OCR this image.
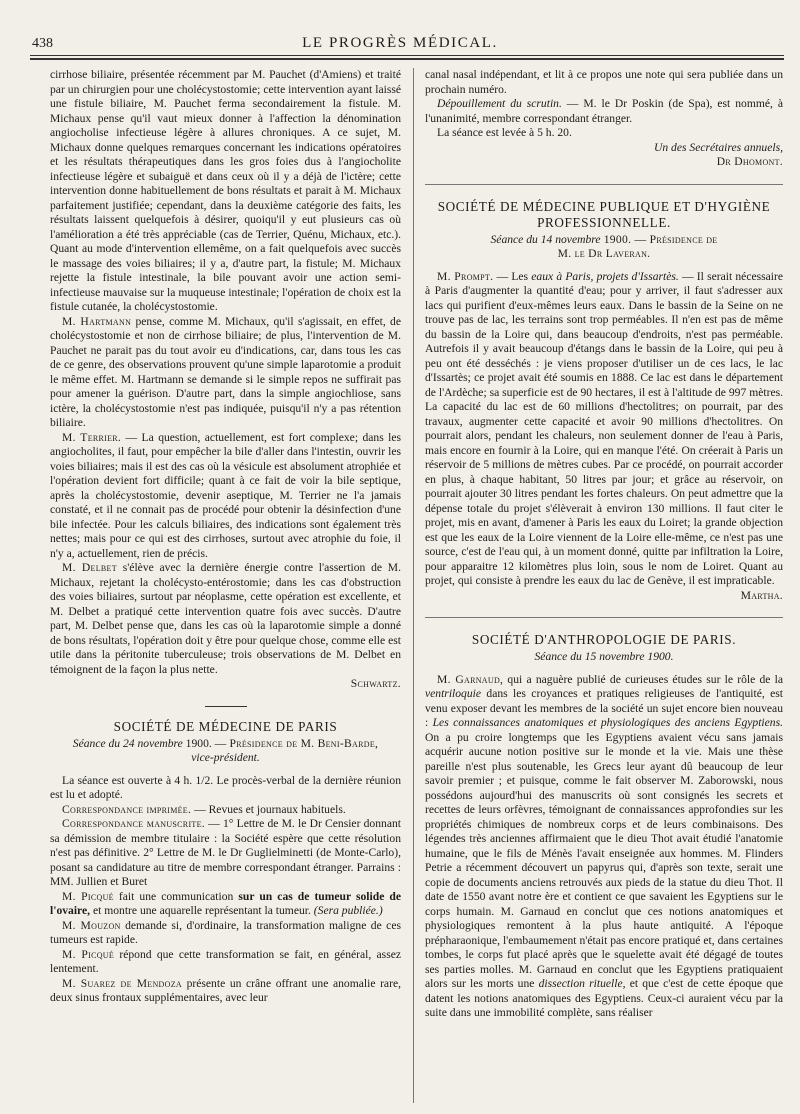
438	LE PROGRÈS MÉDICAL.

cirrhose biliaire, présentée récemment par M. Pauchet (d'Amiens) et traité par un chirurgien pour une cholécystostomie; cette intervention ayant laissé une fistule biliaire, M. Pauchet ferma secondairement la fistule. M. Michaux pense qu'il vaut mieux donner à l'affection la dénomination angiocholise infectieuse légère à allures chroniques. A ce sujet, M. Michaux donne quelques remarques concernant les indications opératoires et les résultats thérapeutiques dans les gros foies dus à l'angiocholite infectieuse légère et subaiguë et dans ceux où il y a déjà de l'ictère; cette intervention donne habituellement de bons résultats et parait à M. Michaux parfaitement justifiée; cependant, dans la deuxième catégorie des faits, les résultats laissent quelquefois à désirer, quoiqu'il y eut plusieurs cas où l'amélioration a été très appréciable (cas de Terrier, Quénu, Michaux, etc.). Quant au mode d'intervention ellemême, on a fait quelquefois avec succès le massage des voies biliaires; il y a, d'autre part, la fistule; M. Michaux rejette la fistule intestinale, la bile pouvant avoir une action semi-infectieuse mauvaise sur la muqueuse intestinale; l'opération de choix est la fistule cutanée, la cholécystostomie.

M. Hartmann pense, comme M. Michaux, qu'il s'agissait, en effet, de cholécystostomie et non de cirrhose biliaire; de plus, l'intervention de M. Pauchet ne parait pas du tout avoir eu d'indications, car, dans tous les cas de ce genre, des observations prouvent qu'une simple laparotomie a produit le même effet. M. Hartmann se demande si le simple repos ne suffirait pas pour amener la guérison. D'autre part, dans la simple angiochliose, sans ictère, la cholécystostomie n'est pas indiquée, puisqu'il n'y a pas rétention biliaire.

M. Terrier. — La question, actuellement, est fort complexe; dans les angiocholites, il faut, pour empêcher la bile d'aller dans l'intestin, ouvrir les voies biliaires; mais il est des cas où la vésicule est absolument atrophiée et l'opération devient fort difficile; quant à ce fait de voir la bile septique, après la cholécystostomie, devenir aseptique, M. Terrier ne l'a jamais constaté, et il ne connait pas de procédé pour obtenir la désinfection d'une bile infectée. Pour les calculs biliaires, des indications sont également très nettes; mais pour ce qui est des cirrhoses, surtout avec atrophie du foie, il n'y a, actuellement, rien de précis.

M. Delbet s'élève avec la dernière énergie contre l'assertion de M. Michaux, rejetant la cholécysto-entérostomie; dans les cas d'obstruction des voies biliaires, surtout par néoplasme, cette opération est excellente, et M. Delbet a pratiqué cette intervention quatre fois avec succès. D'autre part, M. Delbet pense que, dans les cas où la laparotomie simple a donné de bons résultats, l'opération doit y être pour quelque chose, comme elle est utile dans la péritonite tuberculeuse; trois observations de M. Delbet en témoignent de la façon la plus nette.

Schwartz.
SOCIÉTÉ DE MÉDECINE DE PARIS
Séance du 24 novembre 1900. — Présidence de M. Beni-Barde,
vice-président.

La séance est ouverte à 4 h. 1/2. Le procès-verbal de la dernière réunion est lu et adopté.

Correspondance imprimée. — Revues et journaux habituels.

Correspondance manuscrite. — 1° Lettre de M. le Dr Censier donnant sa démission de membre titulaire : la Société espère que cette résolution n'est pas définitive. 2° Lettre de M. le Dr Guglielminetti (de Monte-Carlo), posant sa candidature au titre de membre correspondant étranger. Parrains : MM. Jullien et Buret

M. Picqué fait une communication sur un cas de tumeur solide de l'ovaire, et montre une aquarelle représentant la tumeur. (Sera publiée.)

M. Mouzon demande si, d'ordinaire, la transformation maligne de ces tumeurs est rapide.

M. Picqué répond que cette transformation se fait, en général, assez lentement.

M. Suarez de Mendoza présente un crâne offrant une anomalie rare, deux sinus frontaux supplémentaires, avec leur

canal nasal indépendant, et lit à ce propos une note qui sera publiée dans un prochain numéro.

Dépouillement du scrutin. — M. le Dr Poskin (de Spa), est nommé, à l'unanimité, membre correspondant étranger.

La séance est levée à 5 h. 20.

Un des Secrétaires annuels,
Dr Dhomont.
SOCIÉTÉ DE MÉDECINE PUBLIQUE ET D'HYGIÈNE PROFESSIONNELLE.
Séance du 14 novembre 1900. — Présidence de
M. le Dr Laveran.

M. Prompt. — Les eaux à Paris, projets d'Issartès. — Il serait nécessaire à Paris d'augmenter la quantité d'eau; pour y arriver, il faut s'adresser aux lacs qui purifient d'eux-mêmes leurs eaux. Dans le bassin de la Seine on ne trouve pas de lac, les terrains sont trop perméables. Il n'en est pas de même du bassin de la Loire qui, dans beaucoup d'endroits, n'est pas perméable. Autrefois il y avait beaucoup d'étangs dans le bassin de la Loire, qui peu à peu ont été desséchés : je viens proposer d'utiliser un de ces lacs, le lac d'Issartès; ce projet avait été soumis en 1888. Ce lac est dans le département de l'Ardèche; sa superficie est de 90 hectares, il est à l'altitude de 997 mètres. La capacité du lac est de 60 millions d'hectolitres; on pourrait, par des travaux, augmenter cette capacité et avoir 90 millions d'hectolitres. On pourrait alors, pendant les chaleurs, non seulement donner de l'eau à Paris, mais encore en fournir à la Loire, qui en manque l'été. On créerait à Paris un réservoir de 5 millions de mètres cubes. Par ce procédé, on pourrait accorder en plus, à chaque habitant, 50 litres par jour; et grâce au réservoir, on pourrait ajouter 30 litres pendant les fortes chaleurs. On peut admettre que la dépense totale du projet s'élèverait à environ 130 millions. Il faut citer le projet, mis en avant, d'amener à Paris les eaux du Loiret; la grande objection est que les eaux de la Loire viennent de la Loire elle-même, ce n'est pas une source, c'est de l'eau qui, à un moment donné, quitte par infiltration la Loire, pour apparaitre 12 kilomètres plus loin, sous le nom de Loiret. Quant au projet, qui consiste à prendre les eaux du lac de Genève, il est impraticable.

Martha.
SOCIÉTÉ D'ANTHROPOLOGIE DE PARIS.
Séance du 15 novembre 1900.

M. Garnaud, qui a naguère publié de curieuses études sur le rôle de la ventriloquie dans les croyances et pratiques religieuses de l'antiquité, est venu exposer devant les membres de la société un sujet encore bien nouveau : Les connaissances anatomiques et physiologiques des anciens Egyptiens. On a pu croire longtemps que les Egyptiens avaient vécu sans jamais acquérir aucune notion positive sur le monde et la vie. Mais une thèse pareille n'est plus soutenable, les Grecs leur ayant dû beaucoup de leur savoir premier ; et puisque, comme le fait observer M. Zaborowski, nous possédons aujourd'hui des manuscrits où sont consignés les secrets et recettes de leurs orfèvres, témoignant de connaissances approfondies sur les propriétés chimiques de nombreux corps et de leurs combinaisons. Des légendes très anciennes affirmaient que le dieu Thot avait étudié l'anatomie humaine, que le fils de Ménès l'avait enseignée aux hommes. M. Flinders Petrie a récemment découvert un papyrus qui, d'après son texte, serait une copie de documents anciens retrouvés aux pieds de la statue du dieu Thot. Il date de 1550 avant notre ère et contient ce que savaient les Egyptiens sur le corps humain. M. Garnaud en conclut que ces notions anatomiques et physiologiques remontent à la plus haute antiquité. A l'époque prépharaonique, l'embaumement n'était pas encore pratiqué et, dans certaines tombes, le corps fut placé après que le squelette avait été dégagé de toutes ses parties molles. M. Garnaud en conclut que les Egyptiens pratiquaient alors sur les morts une dissection rituelle, et que c'est de cette époque que datent les notions anatomiques des Egyptiens. Ceux-ci auraient vécu par la suite dans une immobilité complète, sans réaliser
